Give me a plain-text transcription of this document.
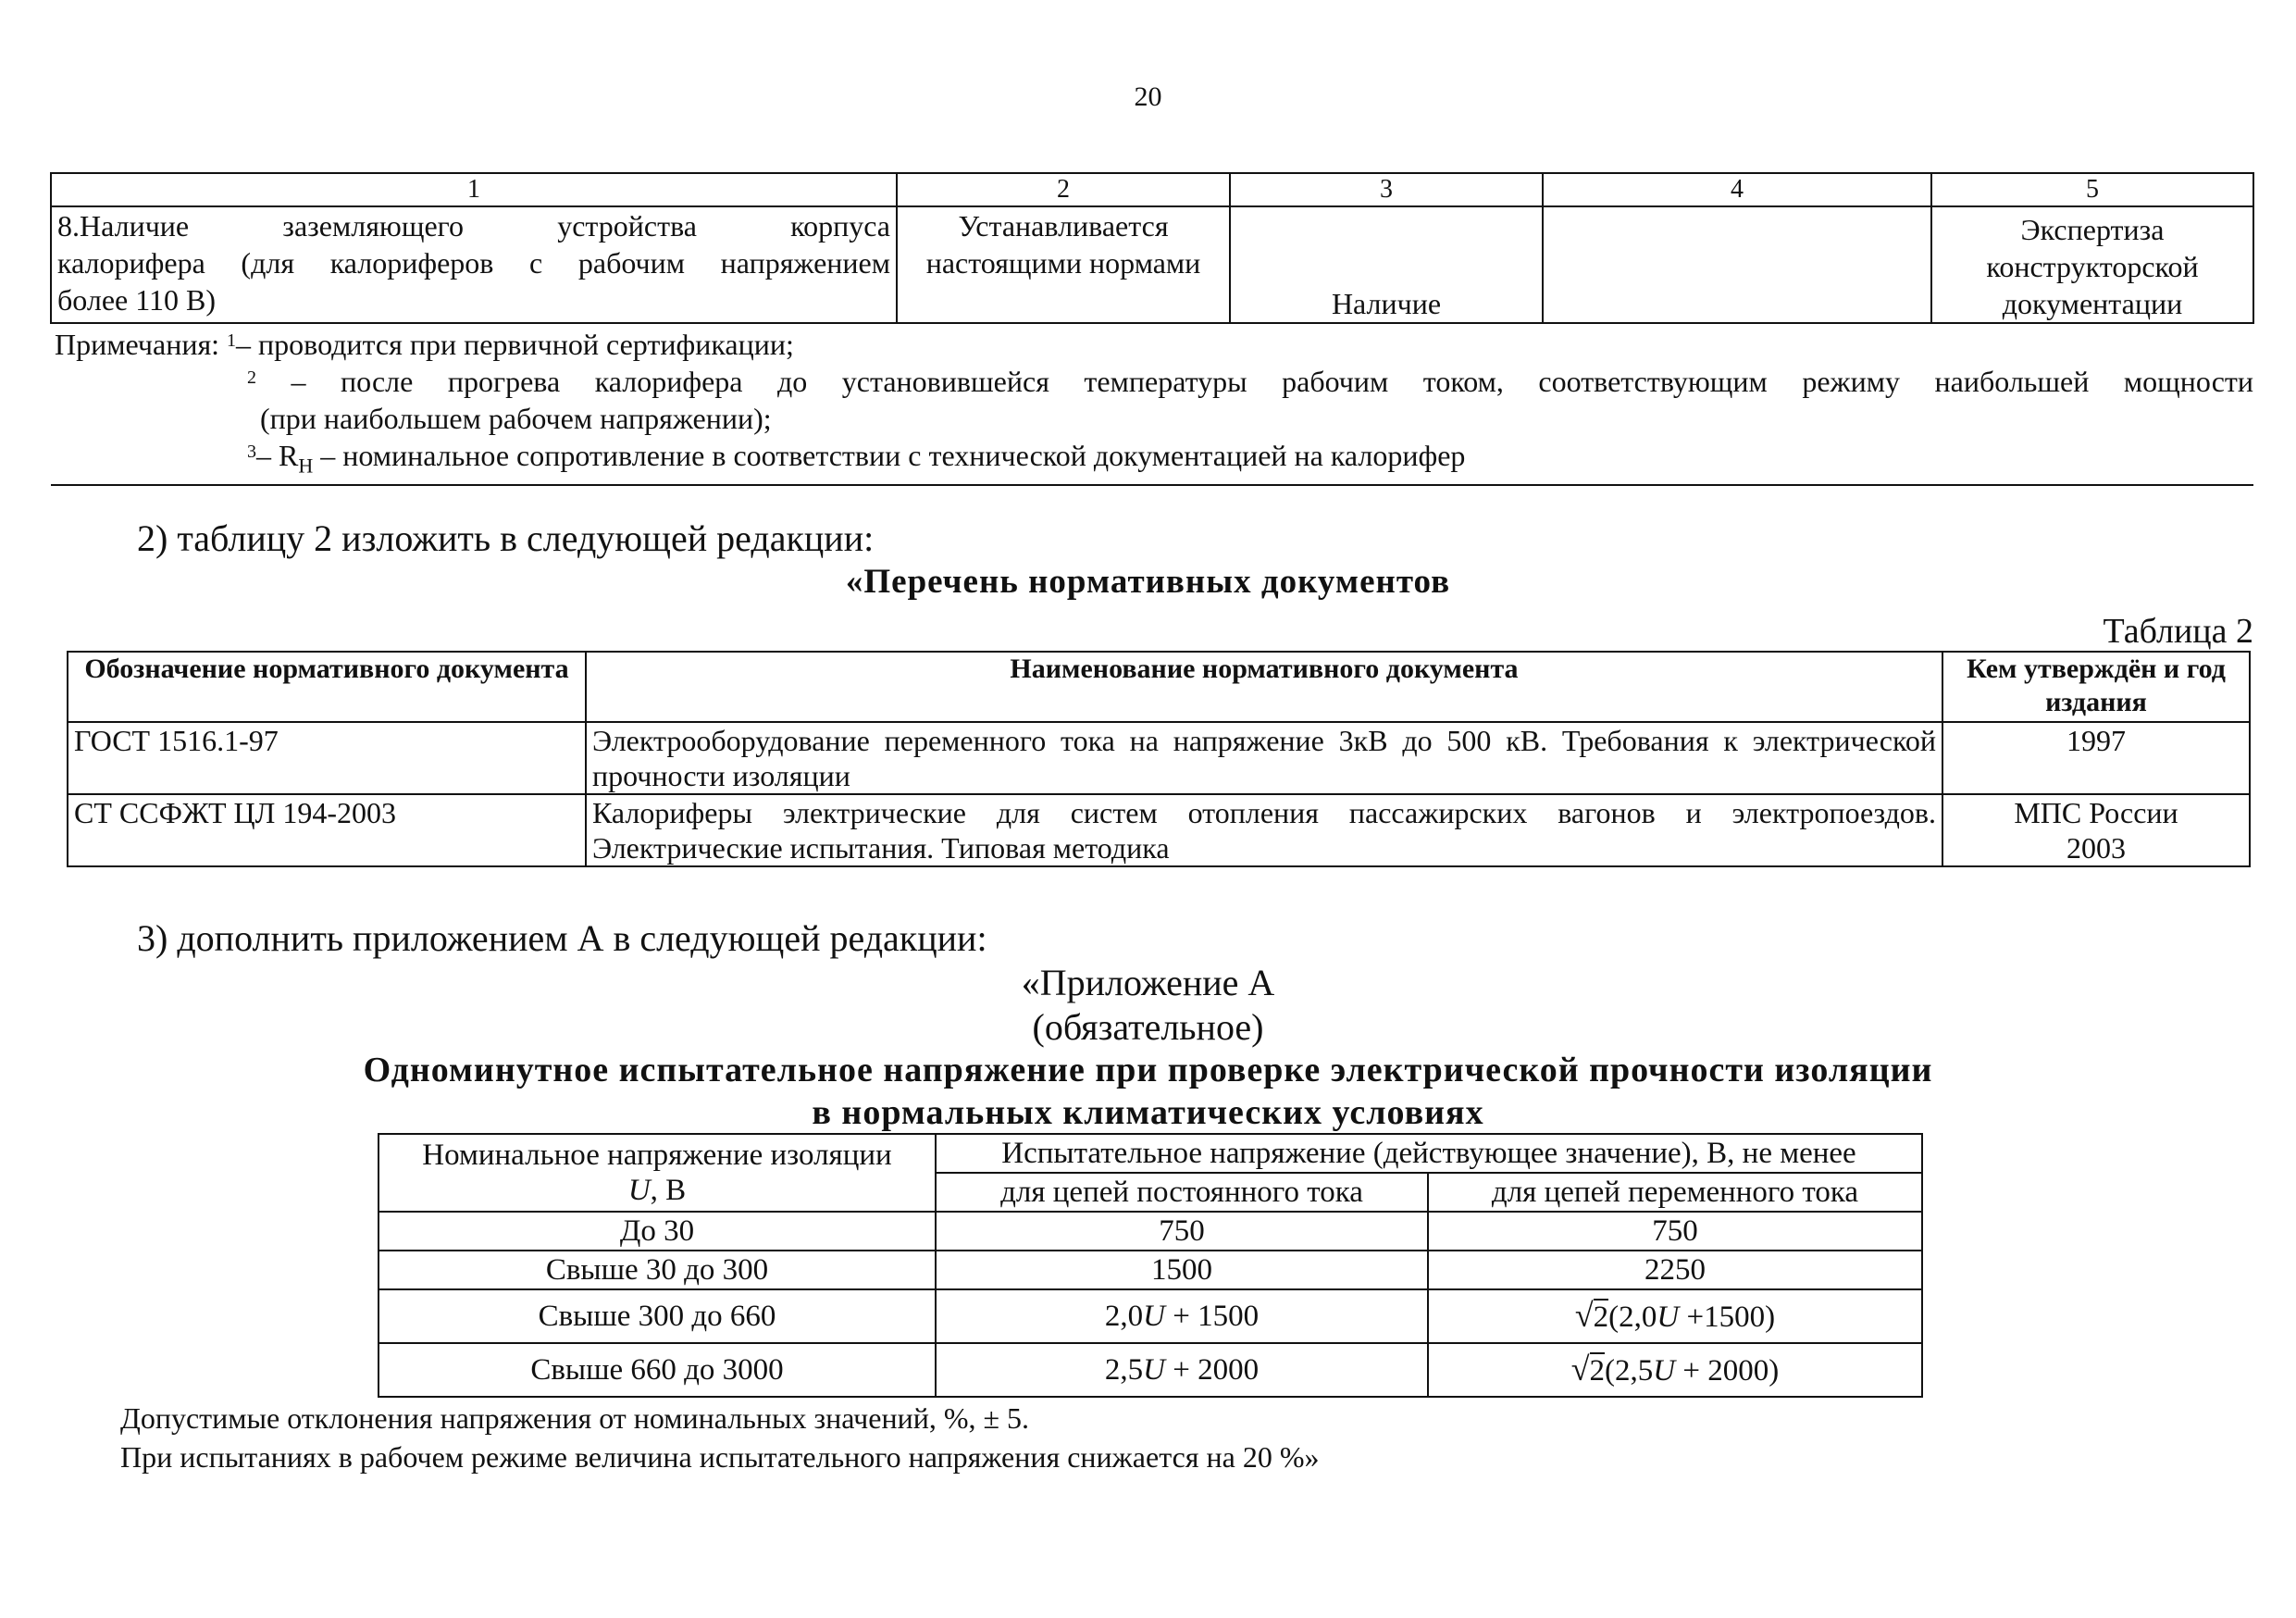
20
1	2	3	4	5

8.Наличие заземляющего устройства корпуса
калорифера (для калориферов с рабочим напряжением
более 110 В)	Устанавливается настоящими нормами	Наличие		Экспертиза конструкторской документации

Примечания: $^1$– проводится при первичной сертификации;
$^2$ – после прогрева калорифера до установившейся температуры рабочим током, соответствующим режиму наибольшей мощности
(при наибольшем рабочем напряжении);
$^3$– $R_Н$ – номинальное сопротивление в соответствии с технической документацией на калорифер				
2) таблицу 2 изложить в следующей редакции:
«Перечень нормативных документов
Таблица 2
Обозначение нормативного документа	Наименование нормативного документа	Кем утверждён и год издания
ГОСТ 1516.1-97	Электрооборудование переменного тока на напряжение 3кВ до 500 кВ. Требования к электрической прочности изоляции	1997

СТ ССФЖТ ЦЛ 194-2003	Калориферы электрические для систем отопления пассажирских вагонов и электропоездов. Электрические испытания. Типовая методика	МПС России
2003
3) дополнить приложением А в следующей редакции:
«Приложение А
(обязательное)
Одноминутное испытательное напряжение при проверке электрической прочности изоляции
в нормальных климатических условиях
Номинальное напряжение изоляции
U, В	Испытательное напряжение (действующее значение), В, не менее	
	для цепей постоянного тока	для цепей переменного тока
До 30	750	750
Свыше 30 до 300	1500	2250
Свыше 300 до 660	2,0U + 1500	√2(2,0U +1500)
Свыше 660 до 3000	2,5U + 2000	√2(2,5U + 2000)
Допустимые отклонения напряжения от номинальных значений, %, ± 5.
При испытаниях в рабочем режиме величина испытательного напряжения снижается на 20 %»
